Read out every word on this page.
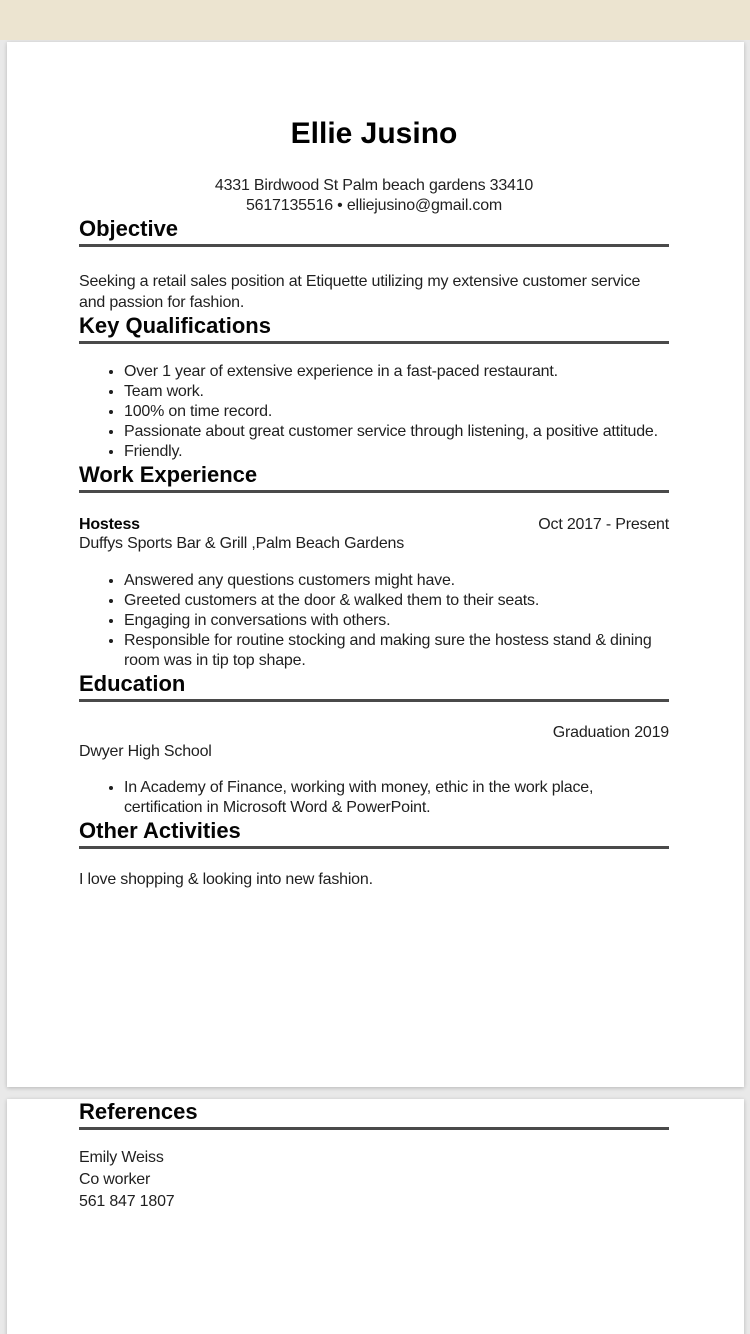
Ellie Jusino
4331 Birdwood St Palm beach gardens 33410
5617135516 • elliejusino@gmail.com
Objective

Seeking a retail sales position at Etiquette utilizing my extensive customer service and passion for fashion.

Key Qualifications
• Over 1 year of extensive experience in a fast-paced restaurant.
• Team work.
• 100% on time record.
• Passionate about great customer service through listening, a positive attitude.
• Friendly.
Work Experience
Hostess	Oct 2017 - Present
Duffys Sports Bar & Grill ,Palm Beach Gardens
• Answered any questions customers might have.
• Greeted customers at the door & walked them to their seats.
• Engaging in conversations with others.
• Responsible for routine stocking and making sure the hostess stand & dining room was in tip top shape.
Education
Graduation 2019
Dwyer High School
• In Academy of Finance, working with money, ethic in the work place, certification in Microsoft Word & PowerPoint.
Other Activities

I love shopping & looking into new fashion.

References
Emily Weiss
Co worker
561 847 1807
